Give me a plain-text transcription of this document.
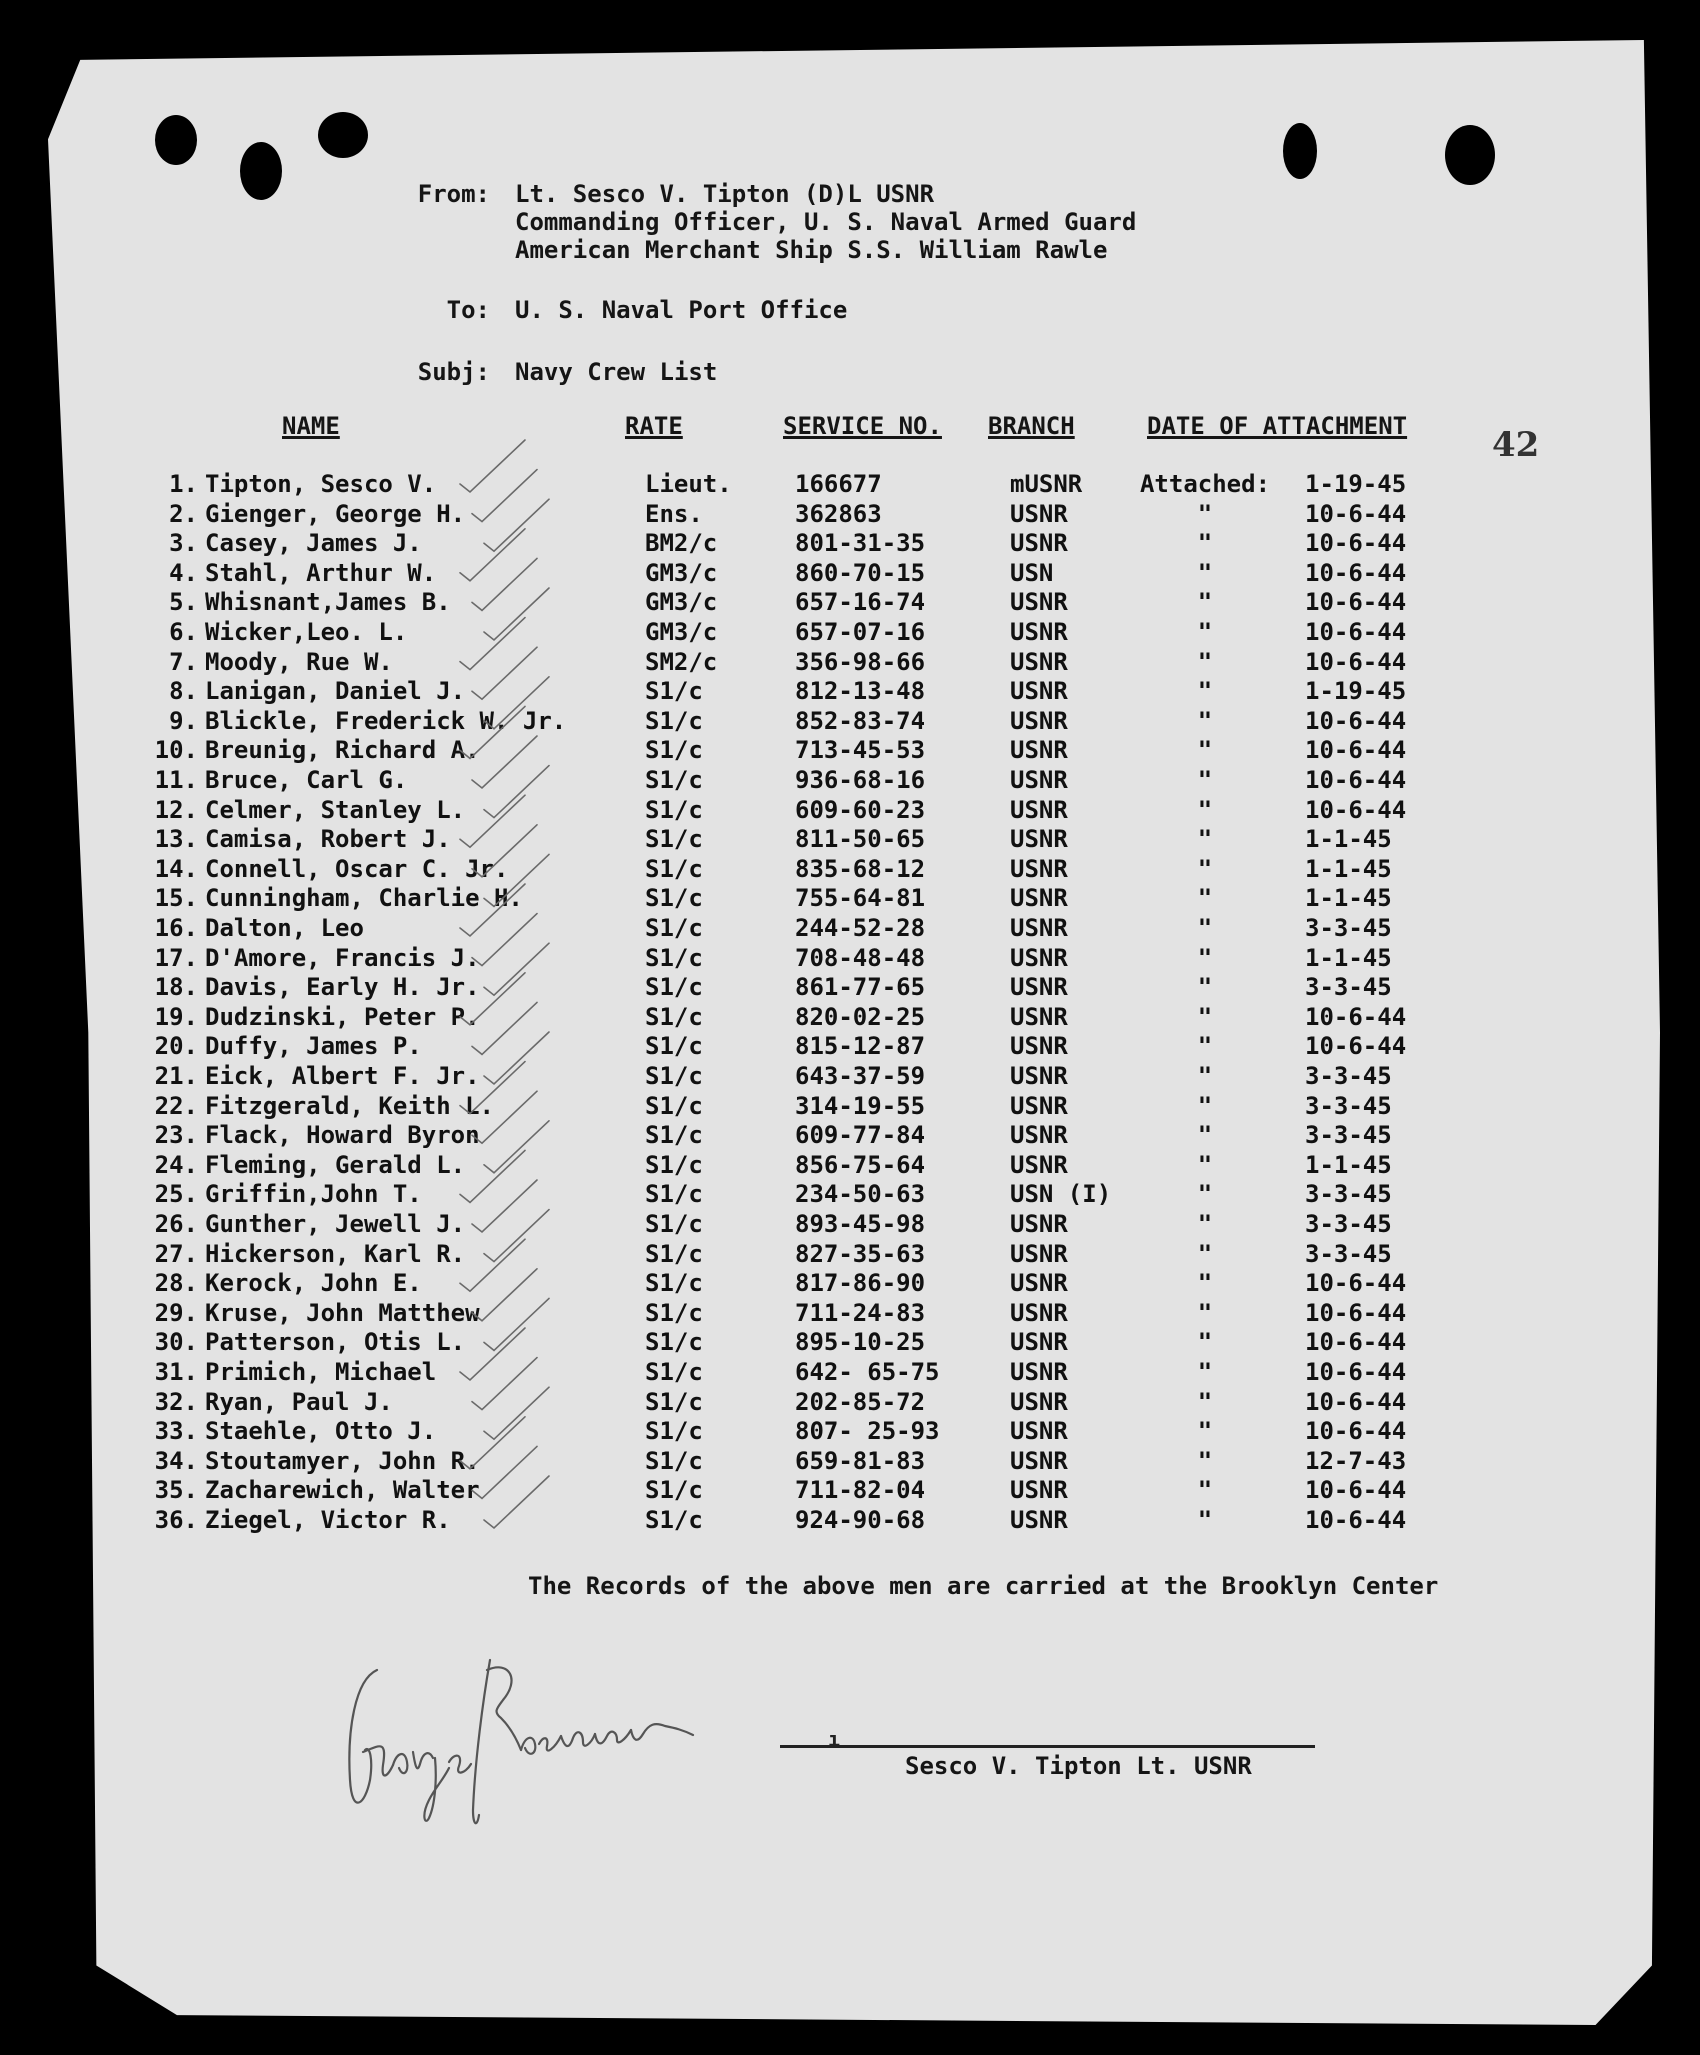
From: Lt. Sesco V. Tipton (D)L USNR
Commanding Officer, U. S. Naval Armed Guard
American Merchant Ship S.S. William Rawle
To: U. S. Naval Port Office
Subj: Navy Crew List
42
NAME	RATE	SERVICE NO. BRANCH	DATE OF ATTACHMENT
1. Tipton, Sesco V.	Lieut.	166677	mUSNR	Attached:	1-19-45
2. Gienger, George H.	Ens.	362863	USNR	"	10-6-44
3. Casey, James J.	BM2/c	801-31-35	USNR	"	10-6-44
4. Stahl, Arthur W.	GM3/c	860-70-15	USN	"	10-6-44
5. Whisnant,James B.	GM3/c	657-16-74	USNR	"	10-6-44
6. Wicker,Leo. L.	GM3/c	657-07-16	USNR	"	10-6-44
7. Moody, Rue W.	SM2/c	356-98-66	USNR	"	10-6-44
8. Lanigan, Daniel J.	S1/c	812-13-48	USNR	"	1-19-45
9. Blickle, Frederick W. Jr.	S1/c	852-83-74	USNR	"	10-6-44
10. Breunig, Richard A.	S1/c	713-45-53	USNR	"	10-6-44
11. Bruce, Carl G.	S1/c	936-68-16	USNR	"	10-6-44
12. Celmer, Stanley L.	S1/c	609-60-23	USNR	"	10-6-44
13. Camisa, Robert J.	S1/c	811-50-65	USNR	"	1-1-45
14. Connell, Oscar C. Jr.	S1/c	835-68-12	USNR	"	1-1-45
15. Cunningham, Charlie H.	S1/c	755-64-81	USNR	"	1-1-45
16. Dalton, Leo	S1/c	244-52-28	USNR	"	3-3-45
17. D'Amore, Francis J.	S1/c	708-48-48	USNR	"	1-1-45
18. Davis, Early H. Jr.	S1/c	861-77-65	USNR	"	3-3-45
19. Dudzinski, Peter P.	S1/c	820-02-25	USNR	"	10-6-44
20. Duffy, James P.	S1/c	815-12-87	USNR	"	10-6-44
21. Eick, Albert F. Jr.	S1/c	643-37-59	USNR	"	3-3-45
22. Fitzgerald, Keith L.	S1/c	314-19-55	USNR	"	3-3-45
23. Flack, Howard Byron	S1/c	609-77-84	USNR	"	3-3-45
24. Fleming, Gerald L.	S1/c	856-75-64	USNR	"	1-1-45
25. Griffin,John T.	S1/c	234-50-63	USN (I)	"	3-3-45
26. Gunther, Jewell J.	S1/c	893-45-98	USNR	"	3-3-45
27. Hickerson, Karl R.	S1/c	827-35-63	USNR	"	3-3-45
28. Kerock, John E.	S1/c	817-86-90	USNR	"	10-6-44
29. Kruse, John Matthew	S1/c	711-24-83	USNR	"	10-6-44
30. Patterson, Otis L.	S1/c	895-10-25	USNR	"	10-6-44
31. Primich, Michael	S1/c	642- 65-75	USNR	"	10-6-44
32. Ryan, Paul J.	S1/c	202-85-72	USNR	"	10-6-44
33. Staehle, Otto J.	S1/c	807- 25-93	USNR	"	10-6-44
34. Stoutamyer, John R.	S1/c	659-81-83	USNR	"	12-7-43
35. Zacharewich, Walter	S1/c	711-82-04	USNR	"	10-6-44
36. Ziegel, Victor R.	S1/c	924-90-68	USNR	"	10-6-44
The Records of the above men are carried at the Brooklyn Center
ı
Sesco V. Tipton Lt. USNR
